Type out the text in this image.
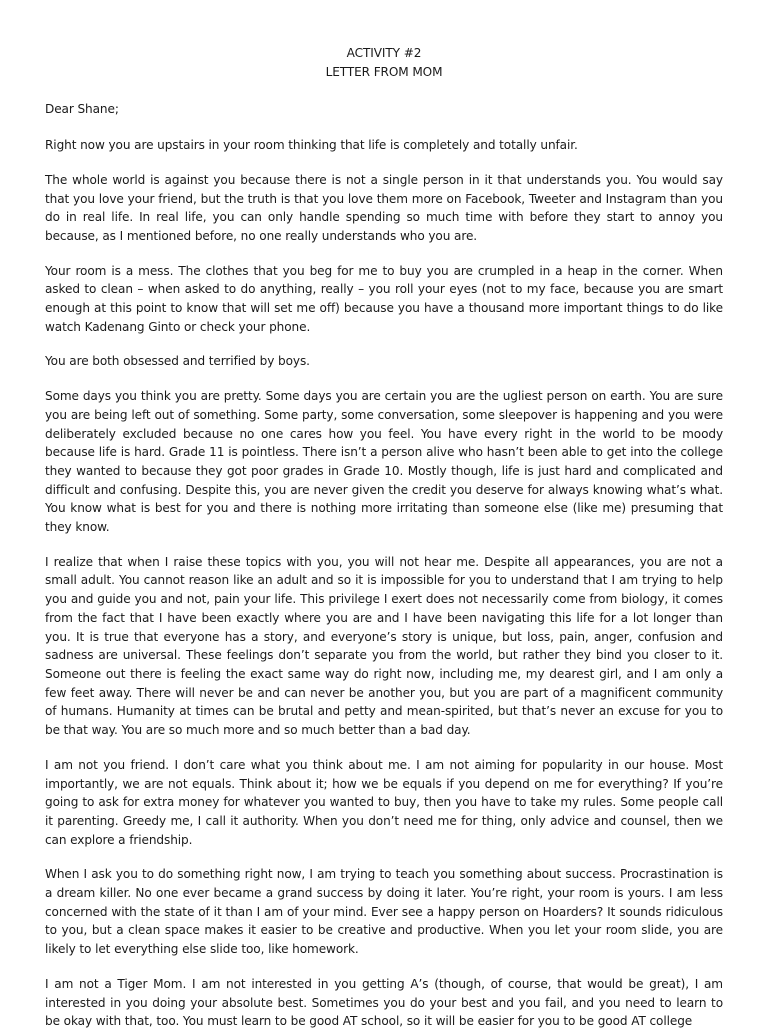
ACTIVITY #2

LETTER FROM MOM

Dear Shane;

Right now you are upstairs in your room thinking that life is completely and totally unfair.

The whole world is against you because there is not a single person in it that understands you. You would say that you love your friend, but the truth is that you love them more on Facebook, Tweeter and Instagram than you do in real life. In real life, you can only handle spending so much time with before they start to annoy you because, as I mentioned before, no one really understands who you are.

Your room is a mess. The clothes that you beg for me to buy you are crumpled in a heap in the corner. When asked to clean – when asked to do anything, really – you roll your eyes (not to my face, because you are smart enough at this point to know that will set me off) because you have a thousand more important things to do like watch Kadenang Ginto or check your phone.

You are both obsessed and terrified by boys.

Some days you think you are pretty. Some days you are certain you are the ugliest person on earth. You are sure you are being left out of something. Some party, some conversation, some sleepover is happening and you were deliberately excluded because no one cares how you feel. You have every right in the world to be moody because life is hard. Grade 11 is pointless. There isn’t a person alive who hasn’t been able to get into the college they wanted to because they got poor grades in Grade 10. Mostly though, life is just hard and complicated and difficult and confusing. Despite this, you are never given the credit you deserve for always knowing what’s what. You know what is best for you and there is nothing more irritating than someone else (like me) presuming that they know.

I realize that when I raise these topics with you, you will not hear me. Despite all appearances, you are not a small adult. You cannot reason like an adult and so it is impossible for you to understand that I am trying to help you and guide you and not, pain your life. This privilege I exert does not necessarily come from biology, it comes from the fact that I have been exactly where you are and I have been navigating this life for a lot longer than you. It is true that everyone has a story, and everyone’s story is unique, but loss, pain, anger, confusion and sadness are universal. These feelings don’t separate you from the world, but rather they bind you closer to it. Someone out there is feeling the exact same way do right now, including me, my dearest girl, and I am only a few feet away. There will never be and can never be another you, but you are part of a magnificent community of humans. Humanity at times can be brutal and petty and mean-spirited, but that’s never an excuse for you to be that way. You are so much more and so much better than a bad day.

I am not you friend. I don’t care what you think about me. I am not aiming for popularity in our house. Most importantly, we are not equals. Think about it; how we be equals if you depend on me for everything? If you’re going to ask for extra money for whatever you wanted to buy, then you have to take my rules. Some people call it parenting. Greedy me, I call it authority. When you don’t need me for thing, only advice and counsel, then we can explore a friendship.

When I ask you to do something right now, I am trying to teach you something about success. Procrastination is a dream killer. No one ever became a grand success by doing it later. You’re right, your room is yours. I am less concerned with the state of it than I am of your mind. Ever see a happy person on Hoarders? It sounds ridiculous to you, but a clean space makes it easier to be creative and productive. When you let your room slide, you are likely to let everything else slide too, like homework.

I am not a Tiger Mom. I am not interested in you getting A’s (though, of course, that would be great), I am interested in you doing your absolute best. Sometimes you do your best and you fail, and you need to learn to be okay with that, too. You must learn to be good AT school, so it will be easier for you to be good AT college
